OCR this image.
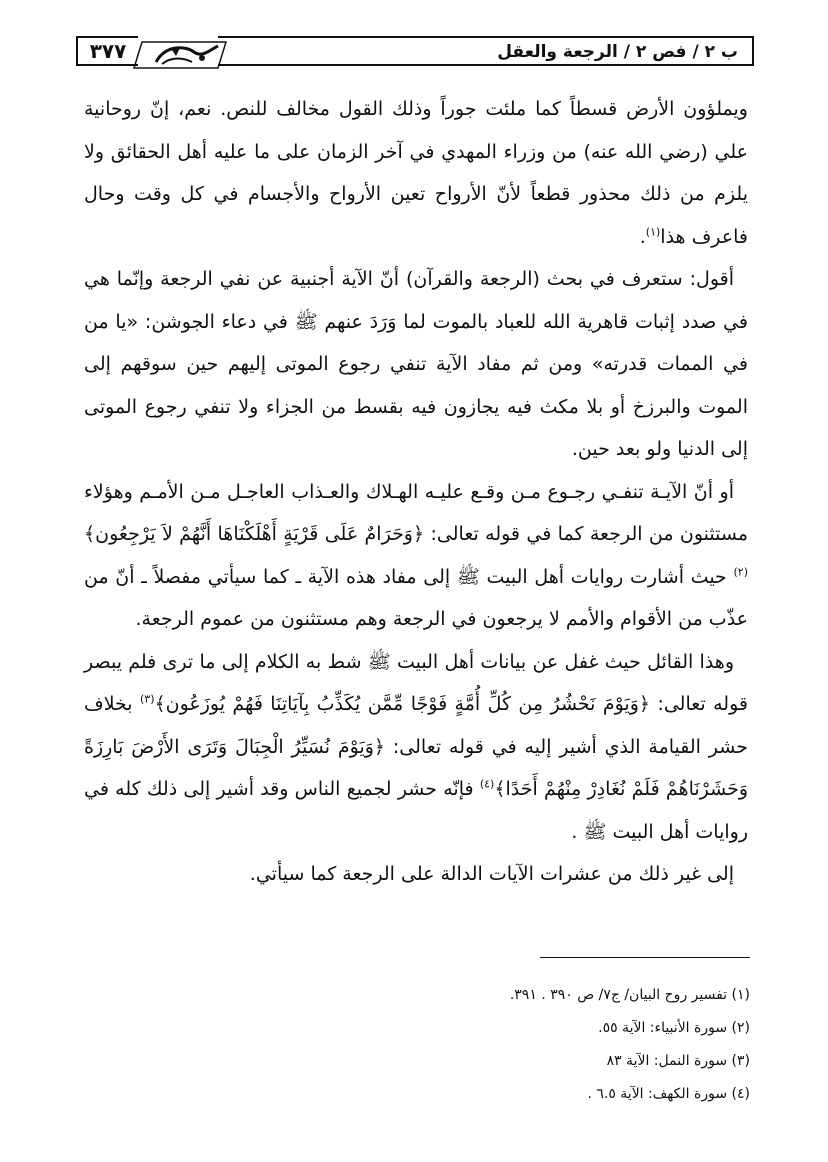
ب ٢ / فص ٢ / الرجعة والعقل
٣٧٧

ويملؤون الأرض قسطاً كما ملئت جوراً وذلك القول مخالف للنص. نعم، إنّ روحانية علي (رضي الله عنه) من وزراء المهدي في آخر الزمان على ما عليه أهل الحقائق ولا يلزم من ذلك محذور قطعاً لأنّ الأرواح تعين الأرواح والأجسام في كل وقت وحال فاعرف هذا$^{(١)}$.

أقول: ستعرف في بحث (الرجعة والقرآن) أنّ الآية أجنبية عن نفي الرجعة وإنّما هي في صدد إثبات قاهرية الله للعباد بالموت لما وَرَدَ عنهم ﷺ في دعاء الجوشن: «يا من في الممات قدرته» ومن ثم مفاد الآية تنفي رجوع الموتى إليهم حين سوقهم إلى الموت والبرزخ أو بلا مكث فيه يجازون فيه بقسط من الجزاء ولا تنفي رجوع الموتى إلى الدنيا ولو بعد حين.

أو أنّ الآيـة تنفـي رجـوع مـن وقـع عليـه الهـلاك والعـذاب العاجـل مـن الأمـم وهؤلاء مستثنون من الرجعة كما في قوله تعالى: ﴿وَحَرَامٌ عَلَى قَرْيَةٍ أَهْلَكْنَاهَا أَنَّهُمْ لاَ يَرْجِعُون﴾$^{(٢)}$ حيث أشارت روايات أهل البيت ﷺ إلى مفاد هذه الآية ـ كما سيأتي مفصلاً ـ أنّ من عذّب من الأقوام والأمم لا يرجعون في الرجعة وهم مستثنون من عموم الرجعة.

وهذا القائل حيث غفل عن بيانات أهل البيت ﷺ شط به الكلام إلى ما ترى فلم يبصر قوله تعالى: ﴿وَيَوْمَ نَحْشُرُ مِن كُلِّ أُمَّةٍ فَوْجًا مِّمَّن يُكَذِّبُ بِآيَاتِنَا فَهُمْ يُوزَعُون﴾$^{(٣)}$ بخلاف حشر القيامة الذي أشير إليه في قوله تعالى: ﴿وَيَوْمَ نُسَيِّرُ الْجِبَالَ وَتَرَى الأَرْضَ بَارِزَةً وَحَشَرْنَاهُمْ فَلَمْ نُغَادِرْ مِنْهُمْ أَحَدًا﴾$^{(٤)}$ فإنّه حشر لجميع الناس وقد أشير إلى ذلك كله في روايات أهل البيت ﷺ .

إلى غير ذلك من عشرات الآيات الدالة على الرجعة كما سيأتي.

(١) تفسير روح البيان/ ج٧/ ص ٣٩٠ . ٣٩١.
(٢) سورة الأنبياء: الآية ٥٥.
(٣) سورة النمل: الآية ٨٣
(٤) سورة الكهف: الآية ٦.٥ .
